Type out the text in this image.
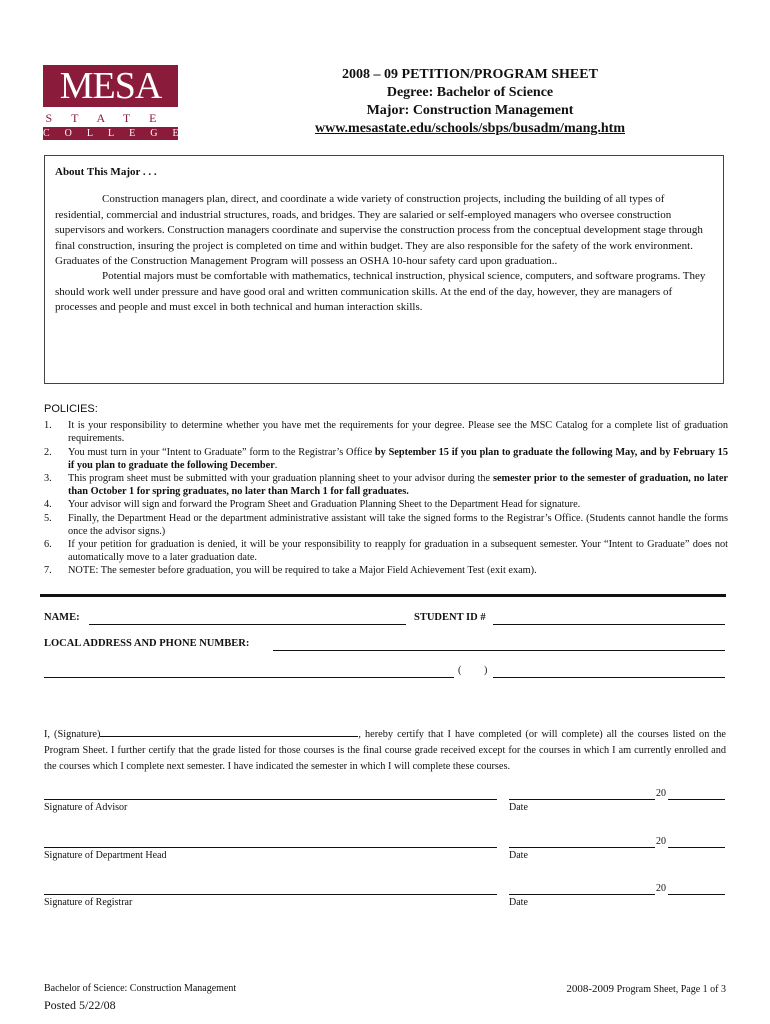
MESA
STATE
COLLEGE
2008 – 09 PETITION/PROGRAM SHEET
Degree: Bachelor of Science
Major: Construction Management
www.mesastate.edu/schools/sbps/busadm/mang.htm
About This Major . . .

Construction managers plan, direct, and coordinate a wide variety of construction projects, including the building of all types of residential, commercial and industrial structures, roads, and bridges. They are salaried or self-employed managers who oversee construction supervisors and workers. Construction managers coordinate and supervise the construction process from the conceptual development stage through final construction, insuring the project is completed on time and within budget. They are also responsible for the safety of the work environment. Graduates of the Construction Management Program will possess an OSHA 10-hour safety card upon graduation..

Potential majors must be comfortable with mathematics, technical instruction, physical science, computers, and software programs. They should work well under pressure and have good oral and written communication skills. At the end of the day, however, they are managers of processes and people and must excel in both technical and human interaction skills.

POLICIES:
1. It is your responsibility to determine whether you have met the requirements for your degree. Please see the MSC Catalog for a complete list of graduation requirements.
2. You must turn in your “Intent to Graduate” form to the Registrar’s Office by September 15 if you plan to graduate the following May, and by February 15 if you plan to graduate the following December.
3. This program sheet must be submitted with your graduation planning sheet to your advisor during the semester prior to the semester of graduation, no later than October 1 for spring graduates, no later than March 1 for fall graduates.
4. Your advisor will sign and forward the Program Sheet and Graduation Planning Sheet to the Department Head for signature.
5. Finally, the Department Head or the department administrative assistant will take the signed forms to the Registrar’s Office. (Students cannot handle the forms once the advisor signs.)
6. If your petition for graduation is denied, it will be your responsibility to reapply for graduation in a subsequent semester. Your “Intent to Graduate” does not automatically move to a later graduation date.
7. NOTE: The semester before graduation, you will be required to take a Major Field Achievement Test (exit exam).
NAME:	STUDENT ID #
LOCAL ADDRESS AND PHONE NUMBER:
( )
I, (Signature)	, hereby certify that I have completed (or will complete) all the courses listed on the Program Sheet. I further certify that the grade listed for those courses is the final course grade received except for the courses in which I am currently enrolled and the courses which I complete next semester. I have indicated the semester in which I will complete these courses.
Signature of Advisor
20
Date
Signature of Department Head
20
Date
Signature of Registrar
20
Date
Bachelor of Science: Construction Management
Posted 5/22/08
2008-2009 Program Sheet, Page 1 of 3
